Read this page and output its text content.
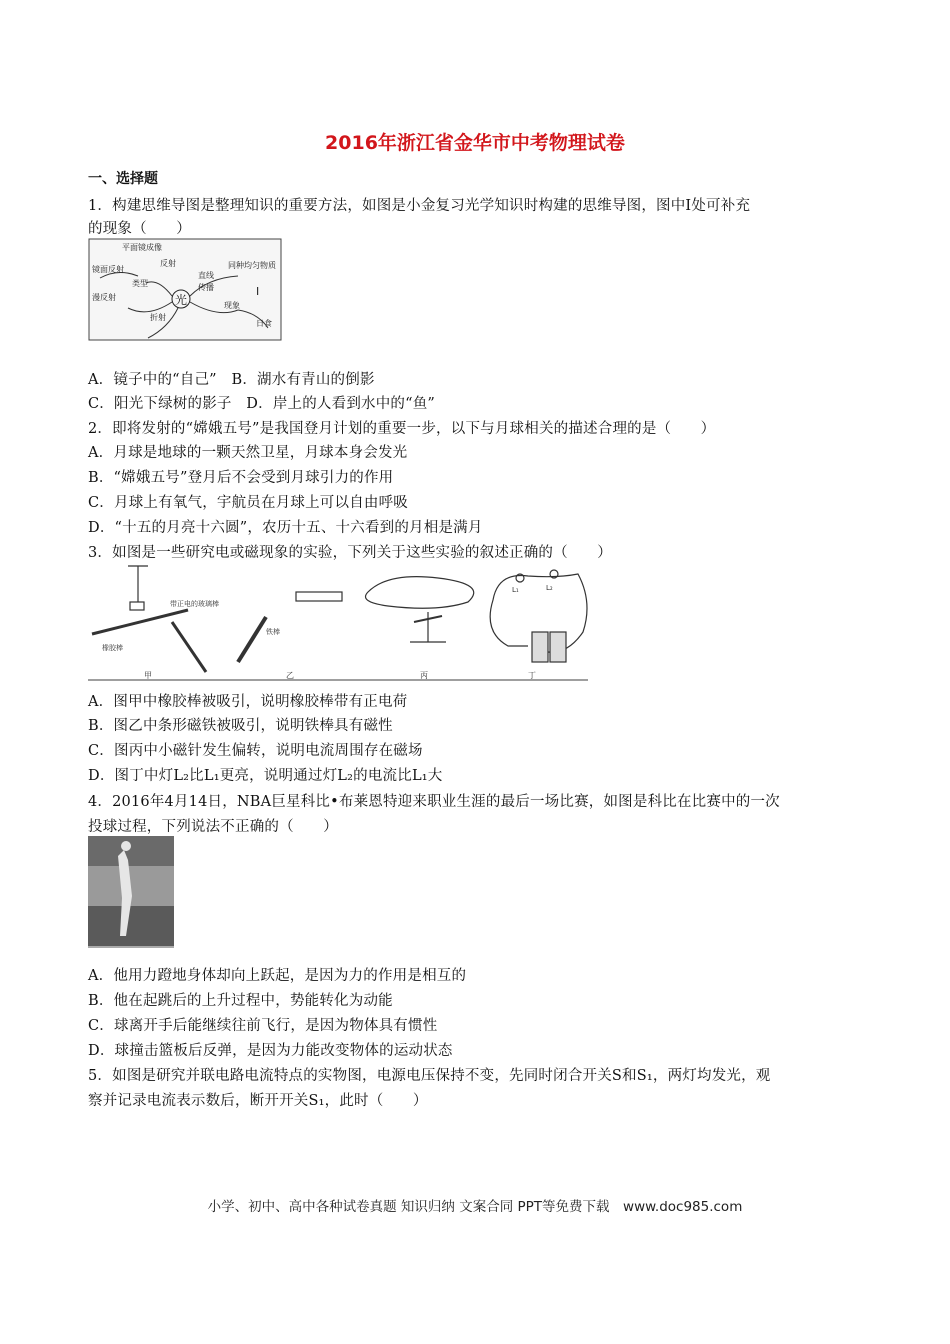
2016年浙江省金华市中考物理试卷
一、选择题
1．构建思维导图是整理知识的重要方法，如图是小金复习光学知识时构建的思维导图，图中Ⅰ处可补充
的现象（　　）
光
平面镜成像
镜面反射
类型
反射
漫反射
折射
直线
传播
同种均匀物质
现象
Ⅰ
日食
A．镜子中的“自己”　B．湖水有青山的倒影
C．阳光下绿树的影子　D．岸上的人看到水中的“鱼”
2．即将发射的“嫦娥五号”是我国登月计划的重要一步，以下与月球相关的描述合理的是（　　）
A．月球是地球的一颗天然卫星，月球本身会发光
B．“嫦娥五号”登月后不会受到月球引力的作用
C．月球上有氧气，宇航员在月球上可以自由呼吸
D．“十五的月亮十六圆”，农历十五、十六看到的月相是满月
3．如图是一些研究电或磁现象的实验，下列关于这些实验的叙述正确的（　　）
带正电的玻璃棒
橡胶棒
甲
铁棒
乙	丙
L₁	L₂
丁
A．图甲中橡胶棒被吸引，说明橡胶棒带有正电荷
B．图乙中条形磁铁被吸引，说明铁棒具有磁性
C．图丙中小磁针发生偏转，说明电流周围存在磁场
D．图丁中灯L₂比L₁更亮，说明通过灯L₂的电流比L₁大
4．2016年4月14日，NBA巨星科比•布莱恩特迎来职业生涯的最后一场比赛，如图是科比在比赛中的一次
投球过程，下列说法不正确的（　　）
A．他用力蹬地身体却向上跃起，是因为力的作用是相互的
B．他在起跳后的上升过程中，势能转化为动能
C．球离开手后能继续往前飞行，是因为物体具有惯性
D．球撞击篮板后反弹，是因为力能改变物体的运动状态
5．如图是研究并联电路电流特点的实物图，电源电压保持不变，先同时闭合开关S和S₁，两灯均发光，观
察并记录电流表示数后，断开开关S₁，此时（　　）
小学、初中、高中各种试卷真题 知识归纳 文案合同 PPT等免费下载　www.doc985.com
